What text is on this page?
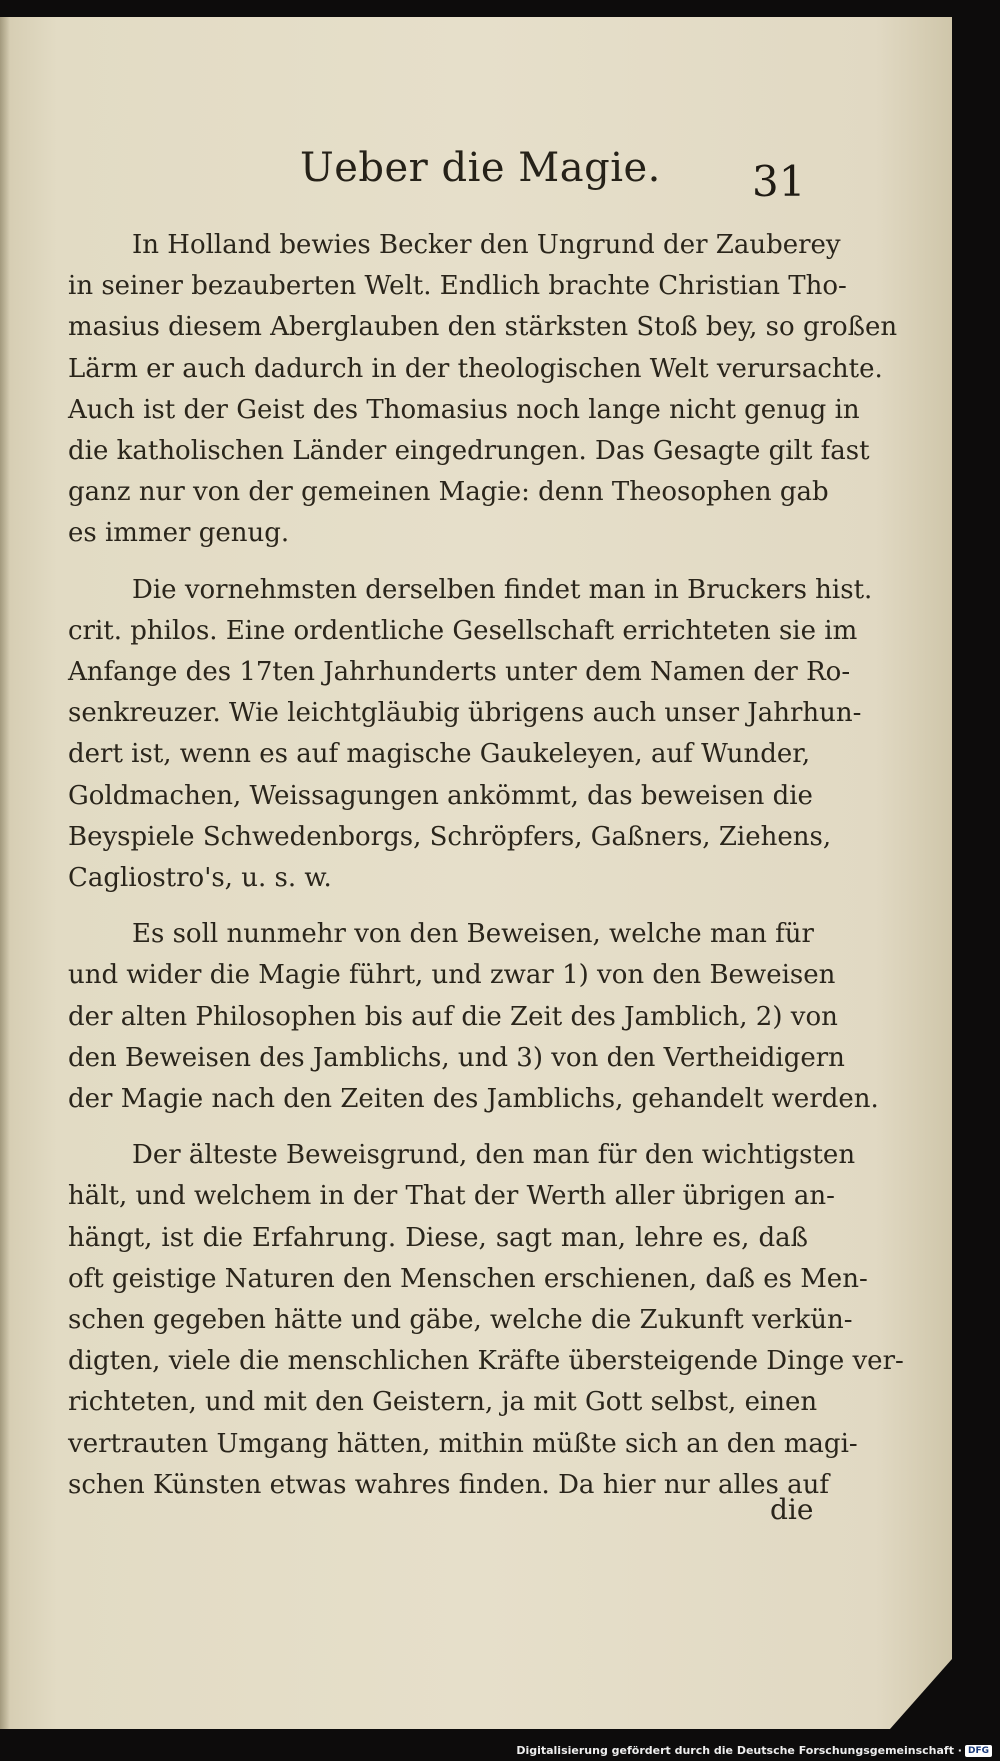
Ueber die Magie. 31

In Holland bewies Becker den Ungrund der Zauberey
in seiner bezauberten Welt. Endlich brachte Christian Tho-
masius diesem Aberglauben den stärksten Stoß bey, so großen
Lärm er auch dadurch in der theologischen Welt verursachte.
Auch ist der Geist des Thomasius noch lange nicht genug in
die katholischen Länder eingedrungen. Das Gesagte gilt fast
ganz nur von der gemeinen Magie: denn Theosophen gab
es immer genug.

Die vornehmsten derselben findet man in Bruckers hist.
crit. philos. Eine ordentliche Gesellschaft errichteten sie im
Anfange des 17ten Jahrhunderts unter dem Namen der Ro-
senkreuzer. Wie leichtgläubig übrigens auch unser Jahrhun-
dert ist, wenn es auf magische Gaukeleyen, auf Wunder,
Goldmachen, Weissagungen ankömmt, das beweisen die
Beyspiele Schwedenborgs, Schröpfers, Gaßners, Ziehens,
Cagliostro's, u. s. w.

Es soll nunmehr von den Beweisen, welche man für
und wider die Magie führt, und zwar 1) von den Beweisen
der alten Philosophen bis auf die Zeit des Jamblich, 2) von
den Beweisen des Jamblichs, und 3) von den Vertheidigern
der Magie nach den Zeiten des Jamblichs, gehandelt werden.

Der älteste Beweisgrund, den man für den wichtigsten
hält, und welchem in der That der Werth aller übrigen an-
hängt, ist die Erfahrung. Diese, sagt man, lehre es, daß
oft geistige Naturen den Menschen erschienen, daß es Men-
schen gegeben hätte und gäbe, welche die Zukunft verkün-
digten, viele die menschlichen Kräfte übersteigende Dinge ver-
richteten, und mit den Geistern, ja mit Gott selbst, einen
vertrauten Umgang hätten, mithin müßte sich an den magi-
schen Künsten etwas wahres finden. Da hier nur alles auf

die
Digitalisierung gefördert durch die Deutsche Forschungsgemeinschaft · DFG
